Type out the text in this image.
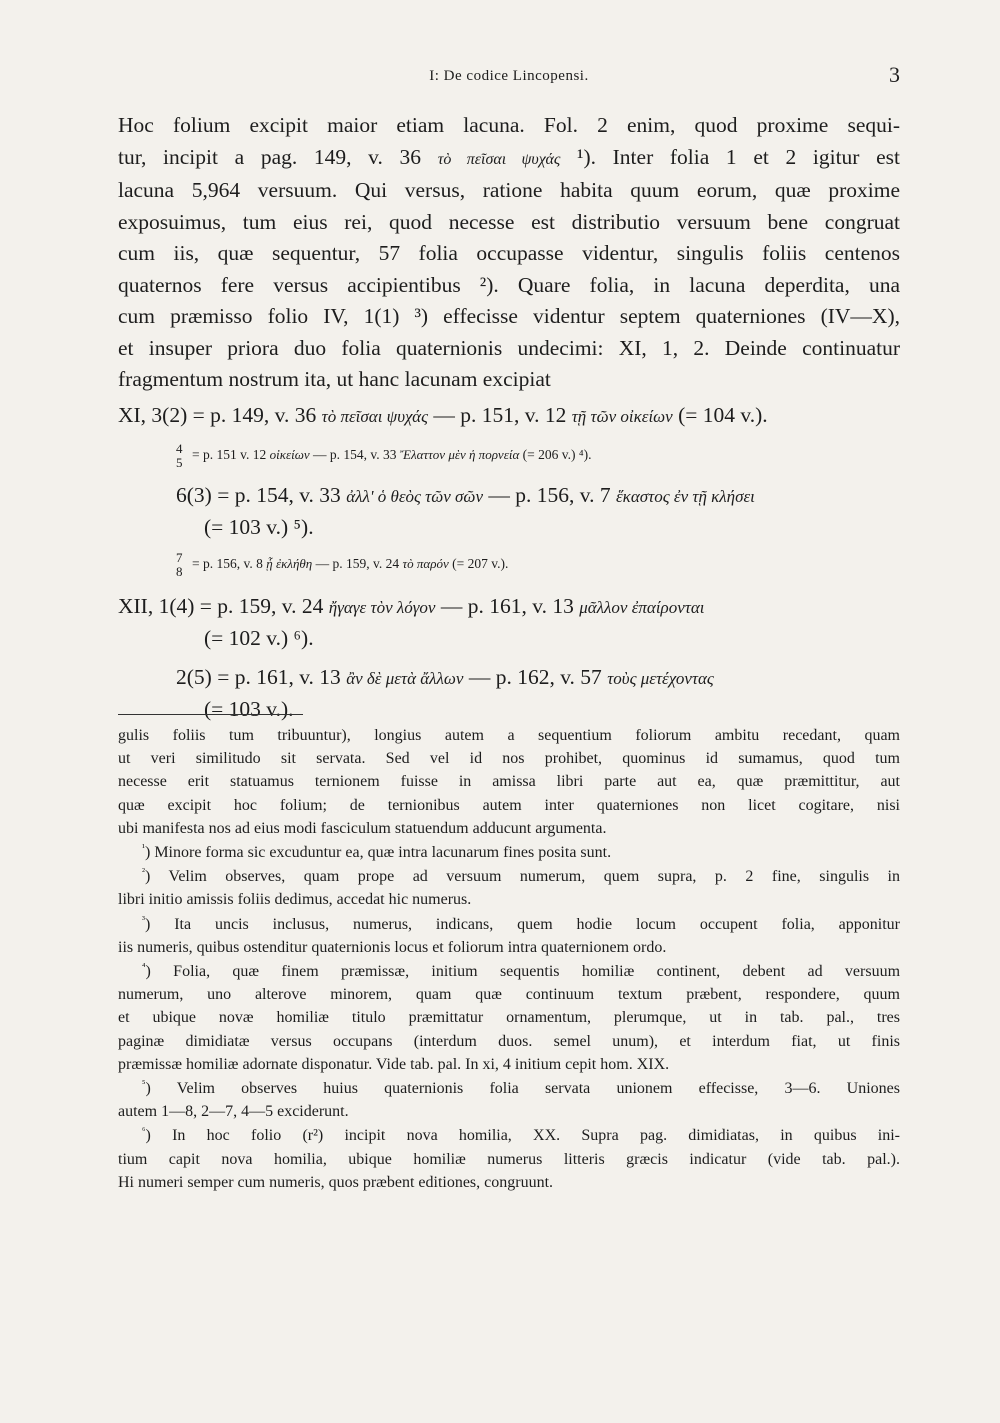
I: De codice Lincopensi.	3

Hoc folium excipit maior etiam lacuna. Fol. 2 enim, quod proxime sequi-
tur, incipit a pag. 149, v. 36 τὸ πεῖσαι ψυχάς ¹). Inter folia 1 et 2 igitur est
lacuna 5,964 versuum. Qui versus, ratione habita quum eorum, quæ proxime
exposuimus, tum eius rei, quod necesse est distributio versuum bene congruat
cum iis, quæ sequentur, 57 folia occupasse videntur, singulis foliis centenos
quaternos fere versus accipientibus ²). Quare folia, in lacuna deperdita, una
cum præmisso folio IV, 1(1) ³) effecisse videntur septem quaterniones (IV—X),
et insuper priora duo folia quaternionis undecimi: XI, 1, 2. Deinde continuatur
fragmentum nostrum ita, ut hanc lacunam excipiat

XI, 3(2) = p. 149, v. 36 τὸ πεῖσαι ψυχάς — p. 151, v. 12 τῇ τῶν οἰκείων (= 104 v.).
4
5
= p. 151 v. 12 οἰκείων — p. 154, v. 33 Ἔλαττον μὲν ἡ πορνεία (= 206 v.) ⁴).
6(3) = p. 154, v. 33 ἀλλ' ὁ θεὸς τῶν σῶν — p. 156, v. 7 ἕκαστος ἐν τῇ κλήσει
(= 103 v.) ⁵).
7
8
= p. 156, v. 8 ᾗ ἐκλήθη — p. 159, v. 24 τὸ παρόν (= 207 v.).
XII, 1(4) = p. 159, v. 24 ἤγαγε τὸν λόγον — p. 161, v. 13 μᾶλλον ἐπαίρονται
(= 102 v.) ⁶).
2(5) = p. 161, v. 13 ἂν δὲ μετὰ ἄλλων — p. 162, v. 57 τοὺς μετέχοντας
(= 103 v.).

gulis foliis tum tribuuntur), longius autem a sequentium foliorum ambitu recedant, quam
ut veri similitudo sit servata. Sed vel id nos prohibet, quominus id sumamus, quod tum
necesse erit statuamus ternionem fuisse in amissa libri parte aut ea, quæ præmittitur, aut
quæ excipit hoc folium; de ternionibus autem inter quaterniones non licet cogitare, nisi
ubi manifesta nos ad eius modi fasciculum statuendum adducunt argumenta.

$^{^1}$) Minore forma sic excuduntur ea, quæ intra lacunarum fines posita sunt.

$^{^2}$) Velim observes, quam prope ad versuum numerum, quem supra, p. 2 fine, singulis in
libri initio amissis foliis dedimus, accedat hic numerus.

$^{^3}$) Ita uncis inclusus, numerus, indicans, quem hodie locum occupent folia, apponitur
iis numeris, quibus ostenditur quaternionis locus et foliorum intra quaternionem ordo.

$^{^4}$) Folia, quæ finem præmissæ, initium sequentis homiliæ continent, debent ad versuum
numerum, uno alterove minorem, quam quæ continuum textum præbent, respondere, quum
et ubique novæ homiliæ titulo præmittatur ornamentum, plerumque, ut in tab. pal., tres
paginæ dimidiatæ versus occupans (interdum duos. semel unum), et interdum fiat, ut finis
præmissæ homiliæ adornate disponatur. Vide tab. pal. In xi, 4 initium cepit hom. XIX.

$^{^5}$) Velim observes huius quaternionis folia servata unionem effecisse, 3—6. Uniones
autem 1—8, 2—7, 4—5 exciderunt.

$^{^6}$) In hoc folio (r²) incipit nova homilia, XX. Supra pag. dimidiatas, in quibus ini-
tium capit nova homilia, ubique homiliæ numerus litteris græcis indicatur (vide tab. pal.).
Hi numeri semper cum numeris, quos præbent editiones, congruunt.
